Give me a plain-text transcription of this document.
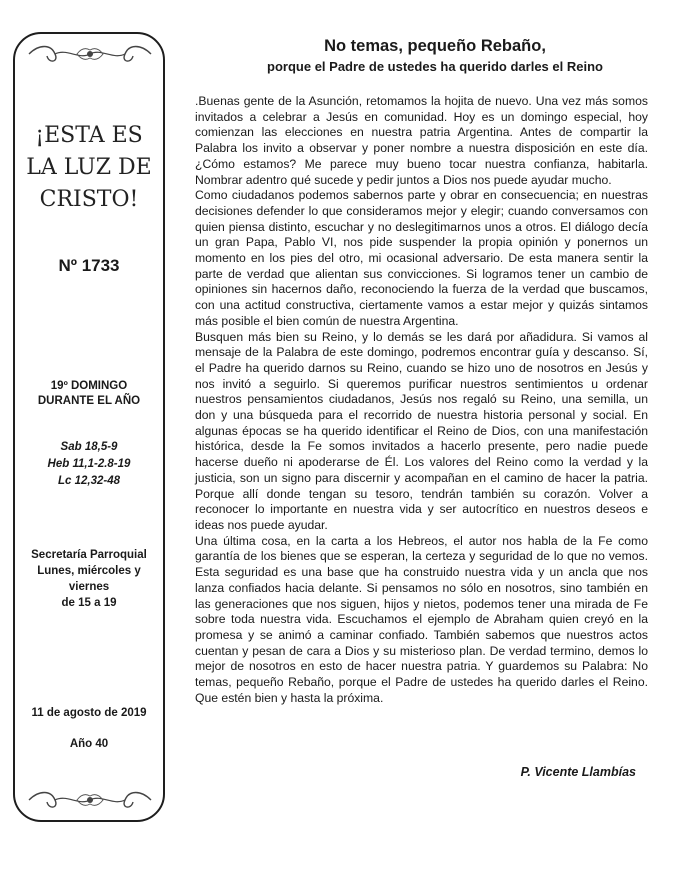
¡ESTA ES
LA LUZ DE
CRISTO!
Nº 1733
19º DOMINGO
DURANTE EL AÑO
Sab 18,5-9
Heb 11,1-2.8-19
Lc 12,32-48
Secretaría Parroquial
Lunes, miércoles y
viernes
de 15 a 19
11 de agosto de 2019
Año 40
No temas, pequeño Rebaño,
porque el Padre de ustedes ha querido darles el Reino

.Buenas gente de la Asunción, retomamos la hojita de nuevo. Una vez más somos invitados a celebrar a Jesús en comunidad. Hoy es un domingo especial, hoy comienzan las elecciones en nuestra patria Argentina. Antes de compartir la Palabra los invito a observar y poner nombre a nuestra disposición en este día. ¿Cómo estamos? Me parece muy bueno tocar nuestra confianza, habitarla. Nombrar adentro qué sucede y pedir juntos a Dios nos puede ayudar mucho.

Como ciudadanos podemos sabernos parte y obrar en consecuencia; en nuestras decisiones defender lo que consideramos mejor y elegir; cuando conversamos con quien piensa distinto, escuchar y no deslegitimarnos unos a otros. El diálogo decía un gran Papa, Pablo VI, nos pide suspender la propia opinión y ponernos un momento en los pies del otro, mi ocasional adversario. De esta manera sentir la parte de verdad que alientan sus convicciones. Si logramos tener un cambio de opiniones sin hacernos daño, reconociendo la fuerza de la verdad que buscamos, con una actitud constructiva, ciertamente vamos a estar mejor y quizás sintamos más posible el bien común de nuestra Argentina.

Busquen más bien su Reino, y lo demás se les dará por añadidura. Si vamos al mensaje de la Palabra de este domingo, podremos encontrar guía y descanso. Sí, el Padre ha querido darnos su Reino, cuando se hizo uno de nosotros en Jesús y nos invitó a seguirlo. Si queremos purificar nuestros sentimientos u ordenar nuestros pensamientos ciudadanos, Jesús nos regaló su Reino, una semilla, un don y una búsqueda para el recorrido de nuestra historia personal y social. En algunas épocas se ha querido identificar el Reino de Dios, con una manifestación histórica, desde la Fe somos invitados a hacerlo presente, pero nadie puede hacerse dueño ni apoderarse de Él. Los valores del Reino como la verdad y la justicia, son un signo para discernir y acompañan en el camino de hacer la patria. Porque allí donde tengan su tesoro, tendrán también su corazón. Volver a reconocer lo importante en nuestra vida y ser autocrítico en nuestros deseos e ideas nos puede ayudar.

Una última cosa, en la carta a los Hebreos, el autor nos habla de la Fe como garantía de los bienes que se esperan, la certeza y seguridad de lo que no vemos. Esta seguridad es una base que ha construido nuestra vida y un ancla que nos lanza confiados hacia delante. Si pensamos no sólo en nosotros, sino también en las generaciones que nos siguen, hijos y nietos, podemos tener una mirada de Fe sobre toda nuestra vida. Escuchamos el ejemplo de Abraham quien creyó en la promesa y se animó a caminar confiado. También sabemos que nuestros actos cuentan y pesan de cara a Dios y su misterioso plan. De verdad termino, demos lo mejor de nosotros en esto de hacer nuestra patria. Y guardemos su Palabra: No temas, pequeño Rebaño, porque el Padre de ustedes ha querido darles el Reino. Que estén bien y hasta la próxima.

P. Vicente Llambías
